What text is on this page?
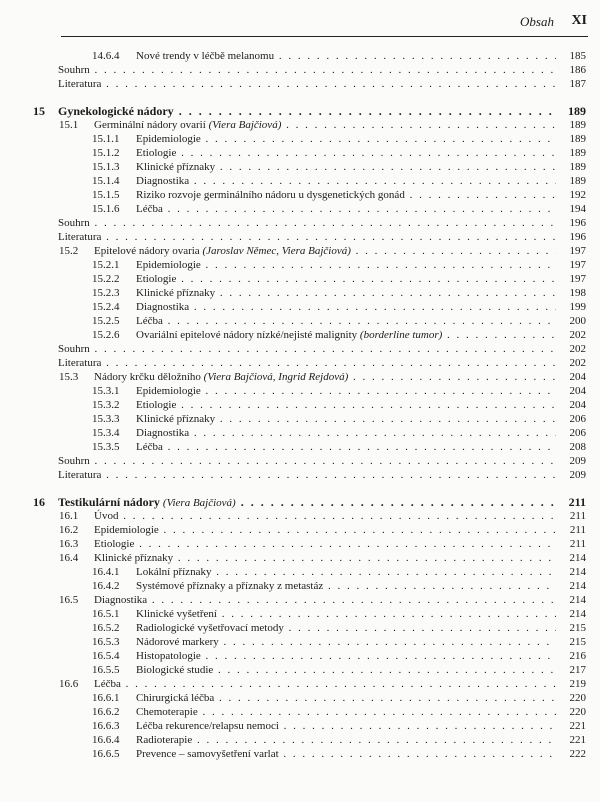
Obsah XI
14.6.4 Nové trendy v léčbě melanomu . . .	185
Souhrn . . .	186
Literatura . . .	187
15 Gynekologické nádory . . .	189
15.1 Germinální nádory ovarií (Viera Bajčiová) . . .	189
15.1.1 Epidemiologie . . .	189
15.1.2 Etiologie . . .	189
15.1.3 Klinické příznaky . . .	189
15.1.4 Diagnostika . . .	189
15.1.5 Riziko rozvoje germinálního nádoru u dysgenetických gonád . . .	192
15.1.6 Léčba . . .	194
Souhrn . . .	196
Literatura . . .	196
15.2 Epitelové nádory ovaria (Jaroslav Němec, Viera Bajčiová) . . .	197
15.2.1 Epidemiologie . . .	197
15.2.2 Etiologie . . .	197
15.2.3 Klinické příznaky . . .	198
15.2.4 Diagnostika . . .	199
15.2.5 Léčba . . .	200
15.2.6 Ovariální epitelové nádory nízké/nejisté malignity (borderline tumor) . . .	202
Souhrn . . .	202
Literatura . . .	202
15.3 Nádory krčku děložního (Viera Bajčiová, Ingrid Rejdová) . . .	204
15.3.1 Epidemiologie . . .	204
15.3.2 Etiologie . . .	204
15.3.3 Klinické příznaky . . .	206
15.3.4 Diagnostika . . .	206
15.3.5 Léčba . . .	208
Souhrn . . .	209
Literatura . . .	209
16 Testikulární nádory (Viera Bajčiová) . . .	211
16.1 Úvod . . .	211
16.2 Epidemiologie . . .	211
16.3 Etiologie . . .	211
16.4 Klinické příznaky . . .	214
16.4.1 Lokální příznaky . . .	214
16.4.2 Systémové příznaky a příznaky z metastáz . . .	214
16.5 Diagnostika . . .	214
16.5.1 Klinické vyšetření . . .	214
16.5.2 Radiologické vyšetřovací metody . . .	215
16.5.3 Nádorové markery . . .	215
16.5.4 Histopatologie . . .	216
16.5.5 Biologické studie . . .	217
16.6 Léčba . . .	219
16.6.1 Chirurgická léčba . . .	220
16.6.2 Chemoterapie . . .	220
16.6.3 Léčba rekurence/relapsu nemoci . . .	221
16.6.4 Radioterapie . . .	221
16.6.5 Prevence – samovyšetření varlat . . .	222
